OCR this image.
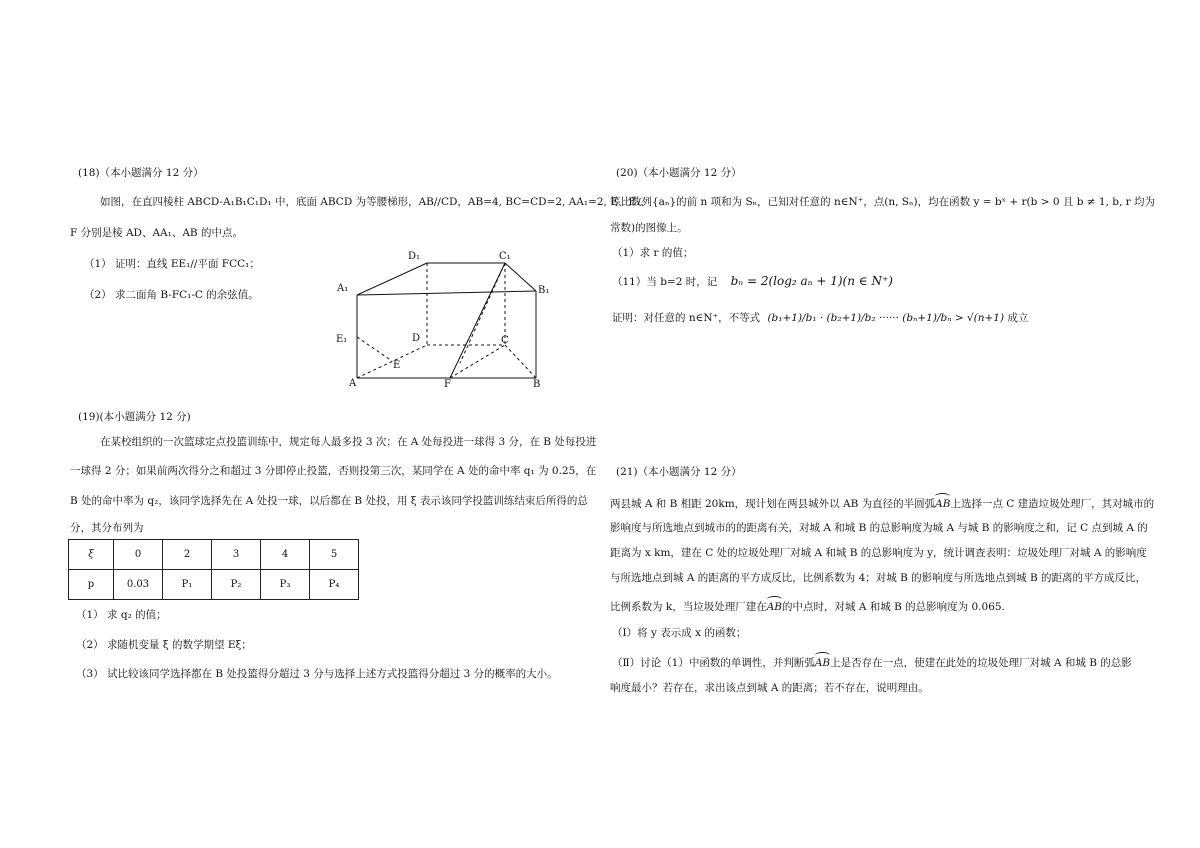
(18)（本小题满分 12 分）
如图，在直四棱柱 ABCD-A₁B₁C₁D₁ 中，底面 ABCD 为等腰梯形，AB//CD，AB=4, BC=CD=2, AA₁=2, E、E₁、
F 分别是棱 AD、AA₁、AB 的中点。
（1） 证明：直线 EE₁//平面 FCC₁；
（2） 求二面角 B-FC₁-C 的余弦值。
D₁	C₁
A₁	B₁
E₁	D	C
E
A	F	B
(19)(本小题满分 12 分)
在某校组织的一次篮球定点投篮训练中，规定每人最多投 3 次；在 A 处每投进一球得 3 分，在 B 处每投进
一球得 2 分；如果前两次得分之和超过 3 分即停止投篮，否则投第三次，某同学在 A 处的命中率 q₁ 为 0.25，在
B 处的命中率为 q₂，该同学选择先在 A 处投一球，以后都在 B 处投，用 ξ 表示该同学投篮训练结束后所得的总
分，其分布列为
ξ	0	2	3	4	5
p	0.03	P₁	P₂	P₃	P₄
（1） 求 q₂ 的值；
（2） 求随机变量 ξ 的数学期望 Eξ；
（3） 试比较该同学选择都在 B 处投篮得分超过 3 分与选择上述方式投篮得分超过 3 分的概率的大小。
(20)（本小题满分 12 分）
等比数列{aₙ}的前 n 项和为 Sₙ，已知对任意的 n∈N⁺，点(n, Sₙ)，均在函数 y = bˣ + r(b > 0 且 b ≠ 1, b, r 均为
常数)的图像上。
（1）求 r 的值；
（11）当 b=2 时，记 bₙ = 2(log₂ aₙ + 1)(n ∈ N⁺)
证明：对任意的 n∈N⁺，不等式 (b₁+1)/b₁ · (b₂+1)/b₂ ······ (bₙ+1)/bₙ > √(n+1) 成立
(21)（本小题满分 12 分）
两县城 A 和 B 相距 20km，现计划在两县城外以 AB 为直径的半圆弧AB上选择一点 C 建造垃圾处理厂，其对城市的
影响度与所选地点到城市的的距离有关，对城 A 和城 B 的总影响度为城 A 与城 B 的影响度之和，记 C 点到城 A 的
距离为 x km，建在 C 处的垃圾处理厂对城 A 和城 B 的总影响度为 y，统计调查表明：垃圾处理厂对城 A 的影响度
与所选地点到城 A 的距离的平方成反比，比例系数为 4；对城 B 的影响度与所选地点到城 B 的距离的平方成反比，
比例系数为 k，当垃圾处理厂建在AB的中点时，对城 A 和城 B 的总影响度为 0.065.
（Ⅰ）将 y 表示成 x 的函数；
（Ⅱ）讨论（1）中函数的单调性，并判断弧AB上是否存在一点，使建在此处的垃圾处理厂对城 A 和城 B 的总影
响度最小？若存在，求出该点到城 A 的距离；若不存在，说明理由。
